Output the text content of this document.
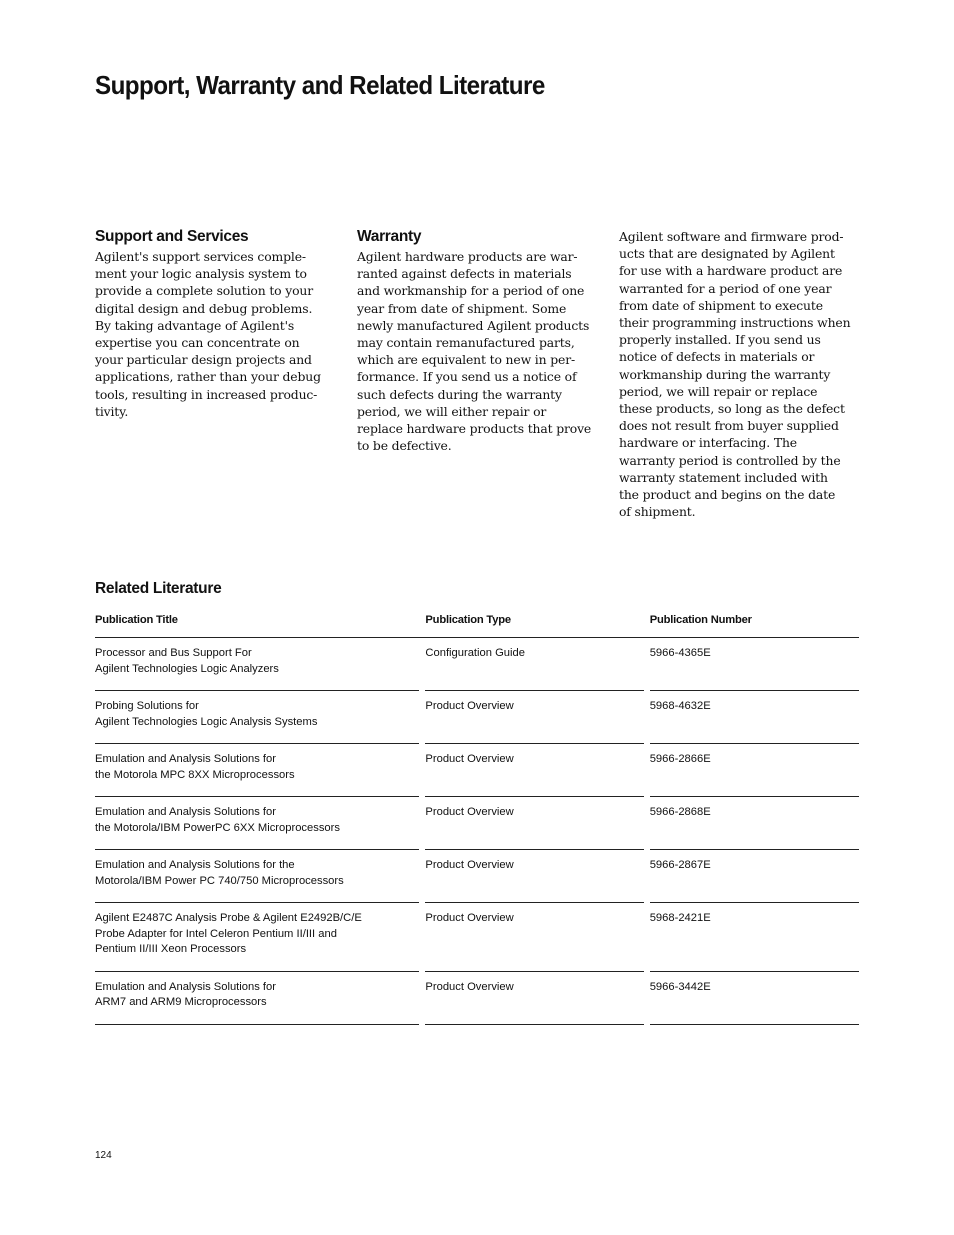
Support, Warranty and Related Literature
Support and Services

Agilent's support services comple-
ment your logic analysis system to
provide a complete solution to your
digital design and debug problems.
By taking advantage of Agilent's
expertise you can concentrate on
your particular design projects and
applications, rather than your debug
tools, resulting in increased produc-
tivity.

Warranty

Agilent hardware products are war-
ranted against defects in materials
and workmanship for a period of one
year from date of shipment. Some
newly manufactured Agilent products
may contain remanufactured parts,
which are equivalent to new in per-
formance. If you send us a notice of
such defects during the warranty
period, we will either repair or
replace hardware products that prove
to be defective.

Agilent software and firmware prod-
ucts that are designated by Agilent
for use with a hardware product are
warranted for a period of one year
from date of shipment to execute
their programming instructions when
properly installed. If you send us
notice of defects in materials or
workmanship during the warranty
period, we will repair or replace
these products, so long as the defect
does not result from buyer supplied
hardware or interfacing. The
warranty period is controlled by the
warranty statement included with
the product and begins on the date
of shipment.

Related Literature
Publication Title		Publication Type		Publication Number
Processor and Bus Support For
Agilent Technologies Logic Analyzers		Configuration Guide		5966-4365E
Probing Solutions for
Agilent Technologies Logic Analysis Systems		Product Overview		5968-4632E
Emulation and Analysis Solutions for
the Motorola MPC 8XX Microprocessors		Product Overview		5966-2866E
Emulation and Analysis Solutions for
the Motorola/IBM PowerPC 6XX Microprocessors		Product Overview		5966-2868E
Emulation and Analysis Solutions for the
Motorola/IBM Power PC 740/750 Microprocessors		Product Overview		5966-2867E
Agilent E2487C Analysis Probe & Agilent E2492B/C/E
Probe Adapter for Intel Celeron Pentium II/III and
Pentium II/III Xeon Processors		Product Overview		5968-2421E
Emulation and Analysis Solutions for
ARM7 and ARM9 Microprocessors		Product Overview		5966-3442E
124
